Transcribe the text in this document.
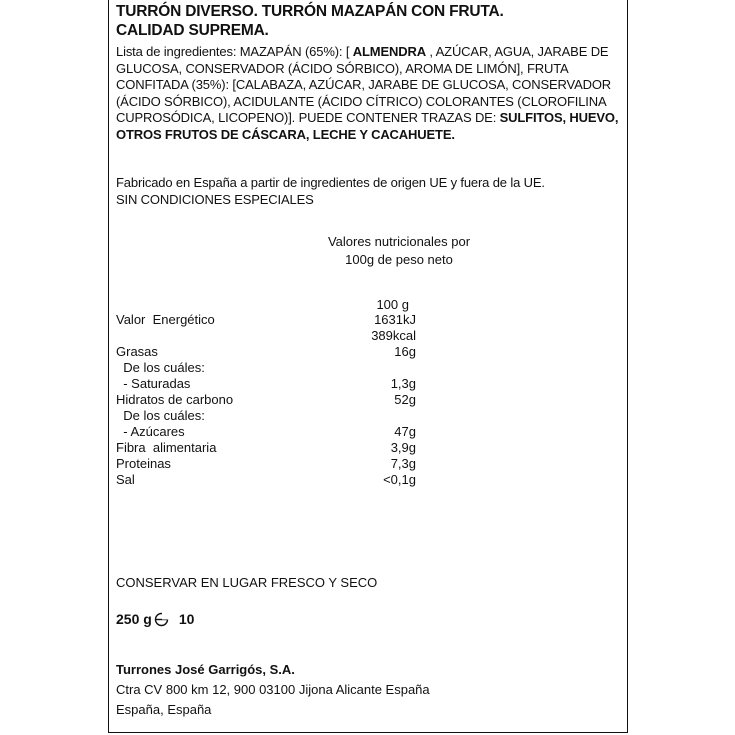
TURRÓN DIVERSO. TURRÓN MAZAPÁN CON FRUTA.
CALIDAD SUPREMA.
Lista de ingredientes: MAZAPÁN (65%): [ ALMENDRA , AZÚCAR, AGUA, JARABE DE GLUCOSA, CONSERVADOR (ÁCIDO SÓRBICO), AROMA DE LIMÓN], FRUTA CONFITADA (35%): [CALABAZA, AZÚCAR, JARABE DE GLUCOSA, CONSERVADOR (ÁCIDO SÓRBICO), ACIDULANTE (ÁCIDO CÍTRICO) COLORANTES (CLOROFILINA CUPROSÓDICA, LICOPENO)]. PUEDE CONTENER TRAZAS DE: SULFITOS, HUEVO, OTROS FRUTOS DE CÁSCARA, LECHE Y CACAHUETE.
Fabricado en España a partir de ingredientes de origen UE y fuera de la UE.
SIN CONDICIONES ESPECIALES
Valores nutricionales por
100g de peso neto
100 g
Valor  Energético	1631kJ
389kcal
Grasas	16g
De los cuáles:
- Saturadas	1,3g
Hidratos de carbono	52g
De los cuáles:
- Azúcares	47g
Fibra  alimentaria	3,9g
Proteinas	7,3g
Sal	<0,1g
CONSERVAR EN LUGAR FRESCO Y SECO
250 g 10
Turrones José Garrigós, S.A.
Ctra CV 800 km 12, 900 03100 Jijona Alicante España
España, España
